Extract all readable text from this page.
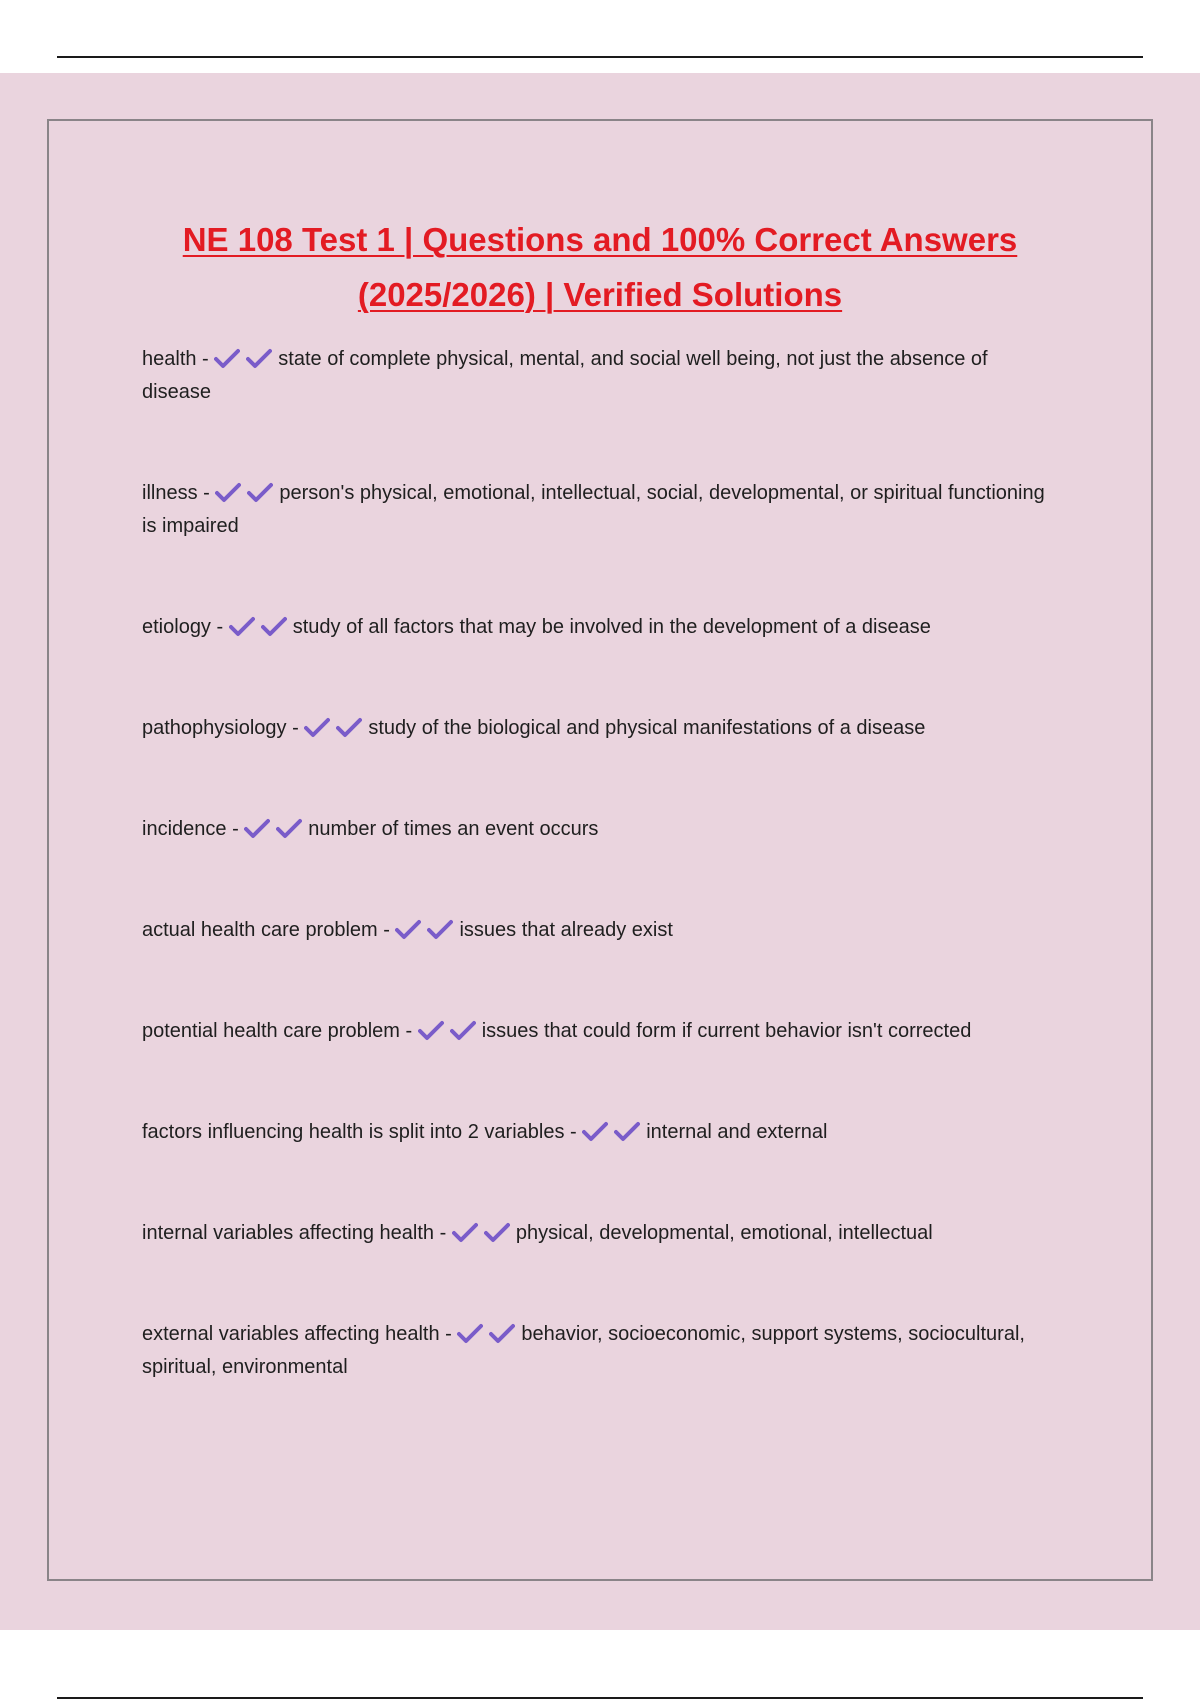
NE 108 Test 1 | Questions and 100% Correct Answers
(2025/2026) | Verified Solutions
health -	state of complete physical, mental, and social well being, not just the absence of disease
illness -	person's physical, emotional, intellectual, social, developmental, or spiritual functioning is impaired
etiology -	study of all factors that may be involved in the development of a disease
pathophysiology -	study of the biological and physical manifestations of a disease
incidence -	number of times an event occurs
actual health care problem -	issues that already exist
potential health care problem -	issues that could form if current behavior isn't corrected
factors influencing health is split into 2 variables -	internal and external
internal variables affecting health -	physical, developmental, emotional, intellectual
external variables affecting health -	behavior, socioeconomic, support systems, sociocultural, spiritual, environmental
